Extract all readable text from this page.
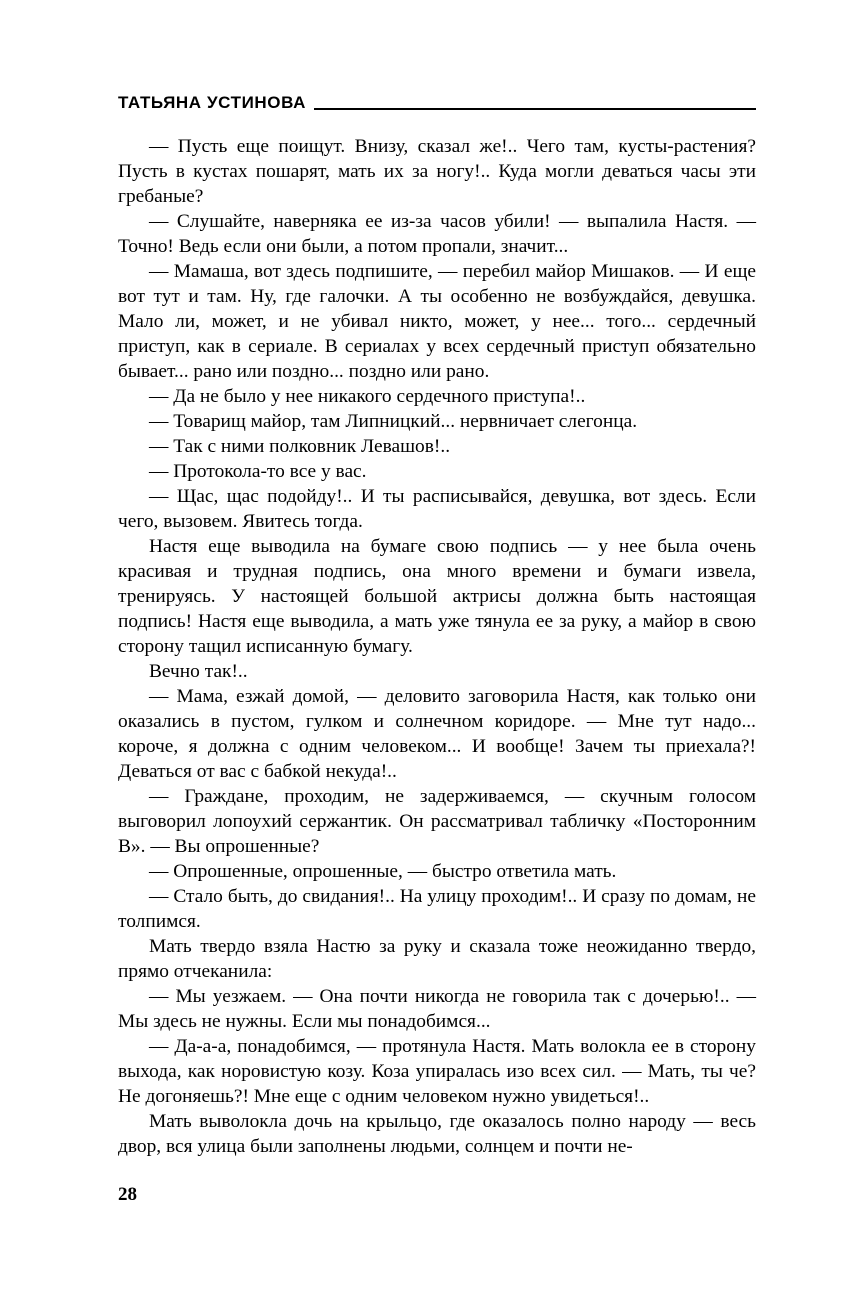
ТАТЬЯНА УСТИНОВА

— Пусть еще поищут. Внизу, сказал же!.. Чего там, кусты-растения? Пусть в кустах пошарят, мать их за ногу!.. Куда могли деваться часы эти гребаные?

— Слушайте, наверняка ее из-за часов убили! — выпалила Настя. — Точно! Ведь если они были, а потом пропали, значит...

— Мамаша, вот здесь подпишите, — перебил майор Мишаков. — И еще вот тут и там. Ну, где галочки. А ты особенно не возбуждайся, девушка. Мало ли, может, и не убивал никто, может, у нее... того... сердечный приступ, как в сериале. В сериалах у всех сердечный приступ обязательно бывает... рано или поздно... поздно или рано.

— Да не было у нее никакого сердечного приступа!..

— Товарищ майор, там Липницкий... нервничает слегонца.

— Так с ними полковник Левашов!..

— Протокола-то все у вас.

— Щас, щас подойду!.. И ты расписывайся, девушка, вот здесь. Если чего, вызовем. Явитесь тогда.

Настя еще выводила на бумаге свою подпись — у нее была очень красивая и трудная подпись, она много времени и бумаги извела, тренируясь. У настоящей большой актрисы должна быть настоящая подпись! Настя еще выводила, а мать уже тянула ее за руку, а майор в свою сторону тащил исписанную бумагу.

Вечно так!..

— Мама, езжай домой, — деловито заговорила Настя, как только они оказались в пустом, гулком и солнечном коридоре. — Мне тут надо... короче, я должна с одним человеком... И вообще! Зачем ты приехала?! Деваться от вас с бабкой некуда!..

— Граждане, проходим, не задерживаемся, — скучным голосом выговорил лопоухий сержантик. Он рассматривал табличку «Посторонним В». — Вы опрошенные?

— Опрошенные, опрошенные, — быстро ответила мать.

— Стало быть, до свидания!.. На улицу проходим!.. И сразу по домам, не толпимся.

Мать твердо взяла Настю за руку и сказала тоже неожиданно твердо, прямо отчеканила:

— Мы уезжаем. — Она почти никогда не говорила так с дочерью!.. — Мы здесь не нужны. Если мы понадобимся...

— Да-а-а, понадобимся, — протянула Настя. Мать волокла ее в сторону выхода, как норовистую козу. Коза упиралась изо всех сил. — Мать, ты че? Не догоняешь?! Мне еще с одним человеком нужно увидеться!..

Мать выволокла дочь на крыльцо, где оказалось полно народу — весь двор, вся улица были заполнены людьми, солнцем и почти не-

28
